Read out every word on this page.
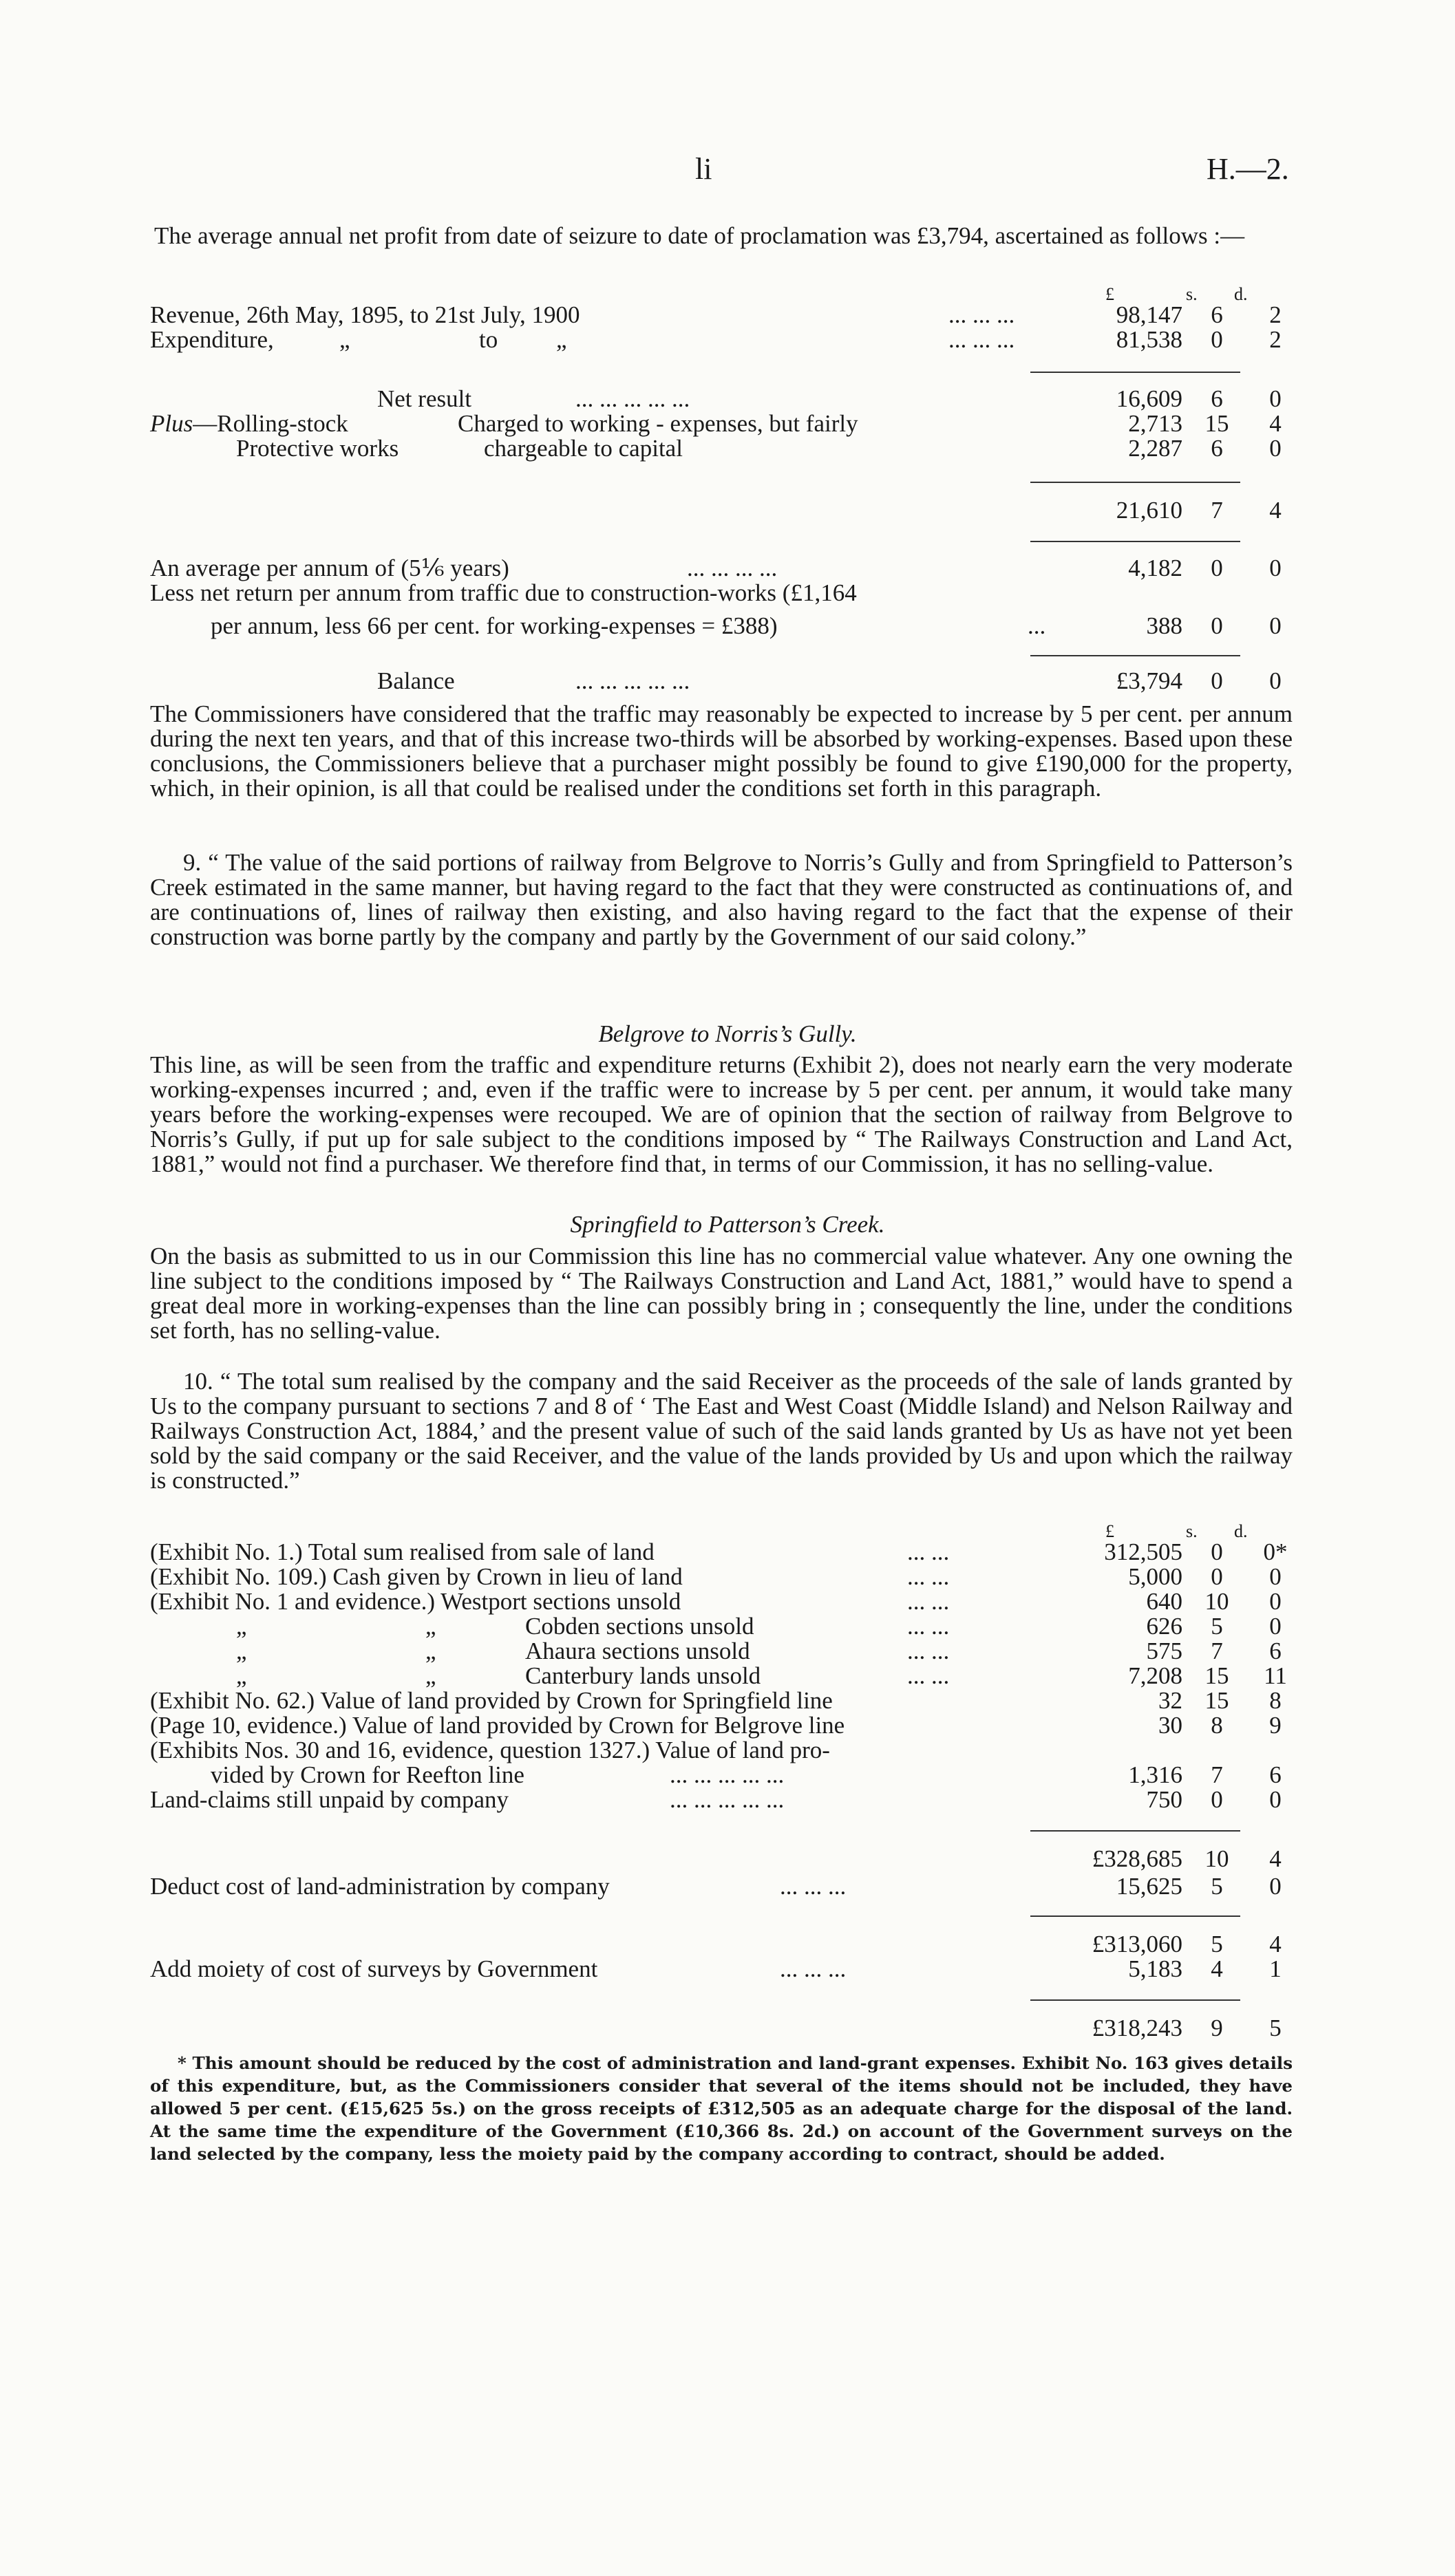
li	H.—2.

The average annual net profit from date of seizure to date of proclamation was £3,794, ascertained as follows :—

£	s. d.
Revenue, 26th May, 1895, to 21st July, 1900	... ... ...	98,147	6	2
Expenditure,	„	to „	... ... ...	81,538	0	2
Net result	... ... ... ... ...	16,609	6	0
Plus—Rolling-stock	Charged to working - expenses, but fairly	2,713 15	4
Protective works	chargeable to capital	2,287	6	0
21,610	7	4
An average per annum of (5⅙ years)	... ... ... ...	4,182	0	0
Less net return per annum from traffic due to construction-works (£1,164
per annum, less 66 per cent. for working-expenses = £388)	...	388	0	0
Balance	... ... ... ... ...	£3,794	0	0

The Commissioners have considered that the traffic may reasonably be expected to increase by 5 per cent. per annum during the next ten years, and that of this increase two-thirds will be absorbed by working-expenses. Based upon these conclusions, the Commissioners believe that a purchaser might possibly be found to give £190,000 for the property, which, in their opinion, is all that could be realised under the conditions set forth in this paragraph.

9. “ The value of the said portions of railway from Belgrove to Norris’s Gully and from Springfield to Patterson’s Creek estimated in the same manner, but having regard to the fact that they were constructed as continuations of, and are continuations of, lines of railway then existing, and also having regard to the fact that the expense of their construction was borne partly by the company and partly by the Government of our said colony.”

Belgrove to Norris’s Gully.

This line, as will be seen from the traffic and expenditure returns (Exhibit 2), does not nearly earn the very moderate working-expenses incurred ; and, even if the traffic were to increase by 5 per cent. per annum, it would take many years before the working-expenses were recouped. We are of opinion that the section of railway from Belgrove to Norris’s Gully, if put up for sale subject to the conditions imposed by “ The Railways Construction and Land Act, 1881,” would not find a purchaser. We therefore find that, in terms of our Commission, it has no selling-value.

Springfield to Patterson’s Creek.

On the basis as submitted to us in our Commission this line has no commercial value whatever. Any one owning the line subject to the conditions imposed by “ The Railways Construction and Land Act, 1881,” would have to spend a great deal more in working-expenses than the line can possibly bring in ; consequently the line, under the conditions set forth, has no selling-value.

10. “ The total sum realised by the company and the said Receiver as the proceeds of the sale of lands granted by Us to the company pursuant to sections 7 and 8 of ‘ The East and West Coast (Middle Island) and Nelson Railway and Railways Construction Act, 1884,’ and the present value of such of the said lands granted by Us as have not yet been sold by the said company or the said Receiver, and the value of the lands provided by Us and upon which the railway is constructed.”

£	s. d.
(Exhibit No. 1.) Total sum realised from sale of land	... ...	312,505	0	0*
(Exhibit No. 109.) Cash given by Crown in lieu of land	... ...	5,000	0	0
(Exhibit No. 1 and evidence.) Westport sections unsold	... ...	640 10	0
„	„	Cobden sections unsold	... ...	626	5	0
„	„	Ahaura sections unsold	... ...	575	7	6
„	„	Canterbury lands unsold	... ...	7,208 15	11
(Exhibit No. 62.) Value of land provided by Crown for Springfield line	32 15	8
(Page 10, evidence.) Value of land provided by Crown for Belgrove line	30	8	9
(Exhibits Nos. 30 and 16, evidence, question 1327.) Value of land pro-
vided by Crown for Reefton line	... ... ... ... ...	1,316	7	6
Land-claims still unpaid by company	... ... ... ... ...	750	0	0
£328,685 10	4
Deduct cost of land-administration by company	... ... ...	15,625	5	0
£313,060	5	4
Add moiety of cost of surveys by Government	... ... ...	5,183	4	1
£318,243	9	5

* This amount should be reduced by the cost of administration and land-grant expenses. Exhibit No. 163 gives details of this expenditure, but, as the Commissioners consider that several of the items should not be included, they have allowed 5 per cent. (£15,625 5s.) on the gross receipts of £312,505 as an adequate charge for the disposal of the land. At the same time the expenditure of the Government (£10,366 8s. 2d.) on account of the Government surveys on the land selected by the company, less the moiety paid by the company according to contract, should be added.
